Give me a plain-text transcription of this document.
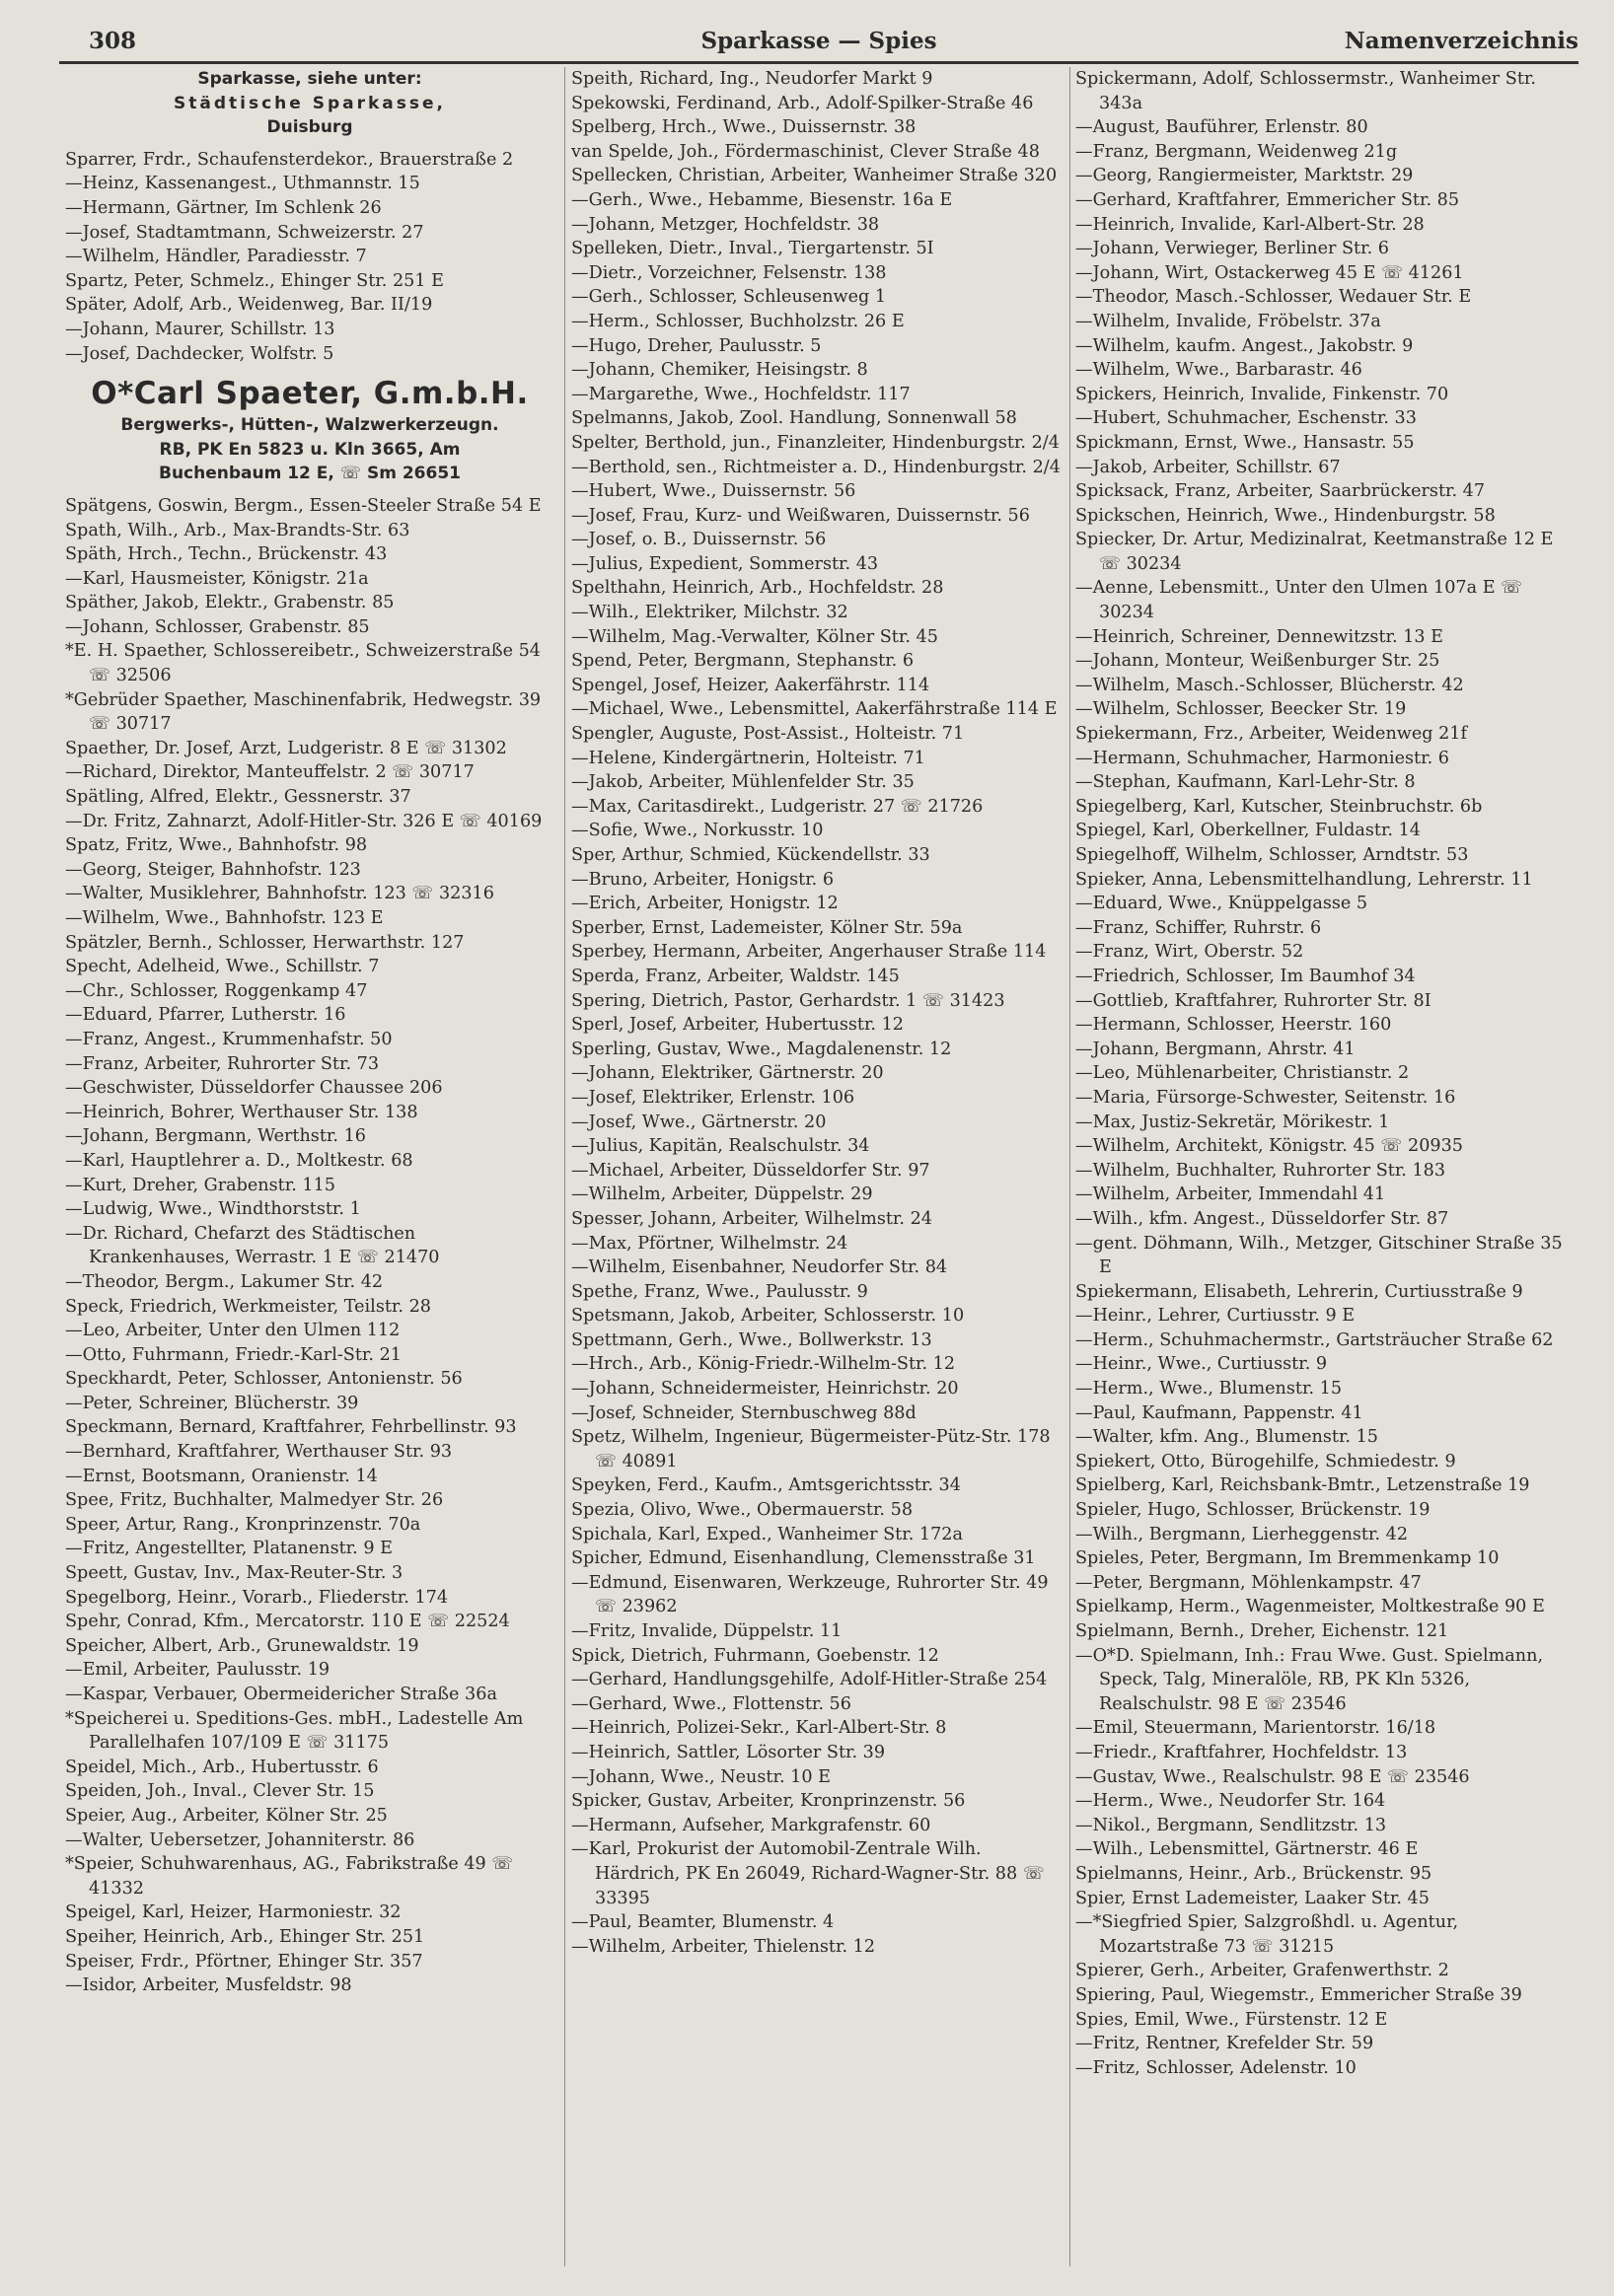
308	Sparkasse — Spies	Namenverzeichnis

Sparkasse, siehe unter:

Städtische Sparkasse,

Duisburg

Sparrer, Frdr., Schaufensterdekor., Brauerstraße 2

—Heinz, Kassenangest., Uthmannstr. 15

—Hermann, Gärtner, Im Schlenk 26

—Josef, Stadtamtmann, Schweizerstr. 27

—Wilhelm, Händler, Paradiesstr. 7

Spartz, Peter, Schmelz., Ehinger Str. 251 E

Später, Adolf, Arb., Weidenweg, Bar. II/19

—Johann, Maurer, Schillstr. 13

—Josef, Dachdecker, Wolfstr. 5

O*Carl Spaeter, G.m.b.H.

Bergwerks-, Hütten-, Walzwerkerzeugn.

RB, PK En 5823 u. Kln 3665, Am

Buchenbaum 12 E, ☏ Sm 26651

Spätgens, Goswin, Bergm., Essen-Steeler Straße 54 E

Spath, Wilh., Arb., Max-Brandts-Str. 63

Späth, Hrch., Techn., Brückenstr. 43

—Karl, Hausmeister, Königstr. 21a

Späther, Jakob, Elektr., Grabenstr. 85

—Johann, Schlosser, Grabenstr. 85

*E. H. Spaether, Schlossereibetr., Schweizerstraße 54 ☏ 32506

*Gebrüder Spaether, Maschinenfabrik, Hedwegstr. 39 ☏ 30717

Spaether, Dr. Josef, Arzt, Ludgeristr. 8 E ☏ 31302

—Richard, Direktor, Manteuffelstr. 2 ☏ 30717

Spätling, Alfred, Elektr., Gessnerstr. 37

—Dr. Fritz, Zahnarzt, Adolf-Hitler-Str. 326 E ☏ 40169

Spatz, Fritz, Wwe., Bahnhofstr. 98

—Georg, Steiger, Bahnhofstr. 123

—Walter, Musiklehrer, Bahnhofstr. 123 ☏ 32316

—Wilhelm, Wwe., Bahnhofstr. 123 E

Spätzler, Bernh., Schlosser, Herwarthstr. 127

Specht, Adelheid, Wwe., Schillstr. 7

—Chr., Schlosser, Roggenkamp 47

—Eduard, Pfarrer, Lutherstr. 16

—Franz, Angest., Krummenhafstr. 50

—Franz, Arbeiter, Ruhrorter Str. 73

—Geschwister, Düsseldorfer Chaussee 206

—Heinrich, Bohrer, Werthauser Str. 138

—Johann, Bergmann, Werthstr. 16

—Karl, Hauptlehrer a. D., Moltkestr. 68

—Kurt, Dreher, Grabenstr. 115

—Ludwig, Wwe., Windthorststr. 1

—Dr. Richard, Chefarzt des Städtischen Krankenhauses, Werrastr. 1 E ☏ 21470

—Theodor, Bergm., Lakumer Str. 42

Speck, Friedrich, Werkmeister, Teilstr. 28

—Leo, Arbeiter, Unter den Ulmen 112

—Otto, Fuhrmann, Friedr.-Karl-Str. 21

Speckhardt, Peter, Schlosser, Antonienstr. 56

—Peter, Schreiner, Blücherstr. 39

Speckmann, Bernard, Kraftfahrer, Fehrbellinstr. 93

—Bernhard, Kraftfahrer, Werthauser Str. 93

—Ernst, Bootsmann, Oranienstr. 14

Spee, Fritz, Buchhalter, Malmedyer Str. 26

Speer, Artur, Rang., Kronprinzenstr. 70a

—Fritz, Angestellter, Platanenstr. 9 E

Speett, Gustav, Inv., Max-Reuter-Str. 3

Spegelborg, Heinr., Vorarb., Fliederstr. 174

Spehr, Conrad, Kfm., Mercatorstr. 110 E ☏ 22524

Speicher, Albert, Arb., Grunewaldstr. 19

—Emil, Arbeiter, Paulusstr. 19

—Kaspar, Verbauer, Obermeidericher Straße 36a

*Speicherei u. Speditions-Ges. mbH., Ladestelle Am Parallelhafen 107/109 E ☏ 31175

Speidel, Mich., Arb., Hubertusstr. 6

Speiden, Joh., Inval., Clever Str. 15

Speier, Aug., Arbeiter, Kölner Str. 25

—Walter, Uebersetzer, Johanniterstr. 86

*Speier, Schuhwarenhaus, AG., Fabrikstraße 49 ☏ 41332

Speigel, Karl, Heizer, Harmoniestr. 32

Speiher, Heinrich, Arb., Ehinger Str. 251

Speiser, Frdr., Pförtner, Ehinger Str. 357

—Isidor, Arbeiter, Musfeldstr. 98

Speith, Richard, Ing., Neudorfer Markt 9

Spekowski, Ferdinand, Arb., Adolf-Spilker-Straße 46

Spelberg, Hrch., Wwe., Duissernstr. 38

van Spelde, Joh., Fördermaschinist, Clever Straße 48

Spellecken, Christian, Arbeiter, Wanheimer Straße 320

—Gerh., Wwe., Hebamme, Biesenstr. 16a E

—Johann, Metzger, Hochfeldstr. 38

Spelleken, Dietr., Inval., Tiergartenstr. 5I

—Dietr., Vorzeichner, Felsenstr. 138

—Gerh., Schlosser, Schleusenweg 1

—Herm., Schlosser, Buchholzstr. 26 E

—Hugo, Dreher, Paulusstr. 5

—Johann, Chemiker, Heisingstr. 8

—Margarethe, Wwe., Hochfeldstr. 117

Spelmanns, Jakob, Zool. Handlung, Sonnenwall 58

Spelter, Berthold, jun., Finanzleiter, Hindenburgstr. 2/4

—Berthold, sen., Richtmeister a. D., Hindenburgstr. 2/4

—Hubert, Wwe., Duissernstr. 56

—Josef, Frau, Kurz- und Weißwaren, Duissernstr. 56

—Josef, o. B., Duissernstr. 56

—Julius, Expedient, Sommerstr. 43

Spelthahn, Heinrich, Arb., Hochfeldstr. 28

—Wilh., Elektriker, Milchstr. 32

—Wilhelm, Mag.-Verwalter, Kölner Str. 45

Spend, Peter, Bergmann, Stephanstr. 6

Spengel, Josef, Heizer, Aakerfährstr. 114

—Michael, Wwe., Lebensmittel, Aakerfährstraße 114 E

Spengler, Auguste, Post-Assist., Holteistr. 71

—Helene, Kindergärtnerin, Holteistr. 71

—Jakob, Arbeiter, Mühlenfelder Str. 35

—Max, Caritasdirekt., Ludgeristr. 27 ☏ 21726

—Sofie, Wwe., Norkusstr. 10

Sper, Arthur, Schmied, Kückendellstr. 33

—Bruno, Arbeiter, Honigstr. 6

—Erich, Arbeiter, Honigstr. 12

Sperber, Ernst, Lademeister, Kölner Str. 59a

Sperbey, Hermann, Arbeiter, Angerhauser Straße 114

Sperda, Franz, Arbeiter, Waldstr. 145

Spering, Dietrich, Pastor, Gerhardstr. 1 ☏ 31423

Sperl, Josef, Arbeiter, Hubertusstr. 12

Sperling, Gustav, Wwe., Magdalenenstr. 12

—Johann, Elektriker, Gärtnerstr. 20

—Josef, Elektriker, Erlenstr. 106

—Josef, Wwe., Gärtnerstr. 20

—Julius, Kapitän, Realschulstr. 34

—Michael, Arbeiter, Düsseldorfer Str. 97

—Wilhelm, Arbeiter, Düppelstr. 29

Spesser, Johann, Arbeiter, Wilhelmstr. 24

—Max, Pförtner, Wilhelmstr. 24

—Wilhelm, Eisenbahner, Neudorfer Str. 84

Spethe, Franz, Wwe., Paulusstr. 9

Spetsmann, Jakob, Arbeiter, Schlosserstr. 10

Spettmann, Gerh., Wwe., Bollwerkstr. 13

—Hrch., Arb., König-Friedr.-Wilhelm-Str. 12

—Johann, Schneidermeister, Heinrichstr. 20

—Josef, Schneider, Sternbuschweg 88d

Spetz, Wilhelm, Ingenieur, Bügermeister-Pütz-Str. 178 ☏ 40891

Speyken, Ferd., Kaufm., Amtsgerichtsstr. 34

Spezia, Olivo, Wwe., Obermauerstr. 58

Spichala, Karl, Exped., Wanheimer Str. 172a

Spicher, Edmund, Eisenhandlung, Clemensstraße 31

—Edmund, Eisenwaren, Werkzeuge, Ruhrorter Str. 49 ☏ 23962

—Fritz, Invalide, Düppelstr. 11

Spick, Dietrich, Fuhrmann, Goebenstr. 12

—Gerhard, Handlungsgehilfe, Adolf-Hitler-Straße 254

—Gerhard, Wwe., Flottenstr. 56

—Heinrich, Polizei-Sekr., Karl-Albert-Str. 8

—Heinrich, Sattler, Lösorter Str. 39

—Johann, Wwe., Neustr. 10 E

Spicker, Gustav, Arbeiter, Kronprinzenstr. 56

—Hermann, Aufseher, Markgrafenstr. 60

—Karl, Prokurist der Automobil-Zentrale Wilh. Härdrich, PK En 26049, Richard-Wagner-Str. 88 ☏ 33395

—Paul, Beamter, Blumenstr. 4

—Wilhelm, Arbeiter, Thielenstr. 12

Spickermann, Adolf, Schlossermstr., Wanheimer Str. 343a

—August, Bauführer, Erlenstr. 80

—Franz, Bergmann, Weidenweg 21g

—Georg, Rangiermeister, Marktstr. 29

—Gerhard, Kraftfahrer, Emmericher Str. 85

—Heinrich, Invalide, Karl-Albert-Str. 28

—Johann, Verwieger, Berliner Str. 6

—Johann, Wirt, Ostackerweg 45 E ☏ 41261

—Theodor, Masch.-Schlosser, Wedauer Str. E

—Wilhelm, Invalide, Fröbelstr. 37a

—Wilhelm, kaufm. Angest., Jakobstr. 9

—Wilhelm, Wwe., Barbarastr. 46

Spickers, Heinrich, Invalide, Finkenstr. 70

—Hubert, Schuhmacher, Eschenstr. 33

Spickmann, Ernst, Wwe., Hansastr. 55

—Jakob, Arbeiter, Schillstr. 67

Spicksack, Franz, Arbeiter, Saarbrückerstr. 47

Spickschen, Heinrich, Wwe., Hindenburgstr. 58

Spiecker, Dr. Artur, Medizinalrat, Keetmanstraße 12 E ☏ 30234

—Aenne, Lebensmitt., Unter den Ulmen 107a E ☏ 30234

—Heinrich, Schreiner, Dennewitzstr. 13 E

—Johann, Monteur, Weißenburger Str. 25

—Wilhelm, Masch.-Schlosser, Blücherstr. 42

—Wilhelm, Schlosser, Beecker Str. 19

Spiekermann, Frz., Arbeiter, Weidenweg 21f

—Hermann, Schuhmacher, Harmoniestr. 6

—Stephan, Kaufmann, Karl-Lehr-Str. 8

Spiegelberg, Karl, Kutscher, Steinbruchstr. 6b

Spiegel, Karl, Oberkellner, Fuldastr. 14

Spiegelhoff, Wilhelm, Schlosser, Arndtstr. 53

Spieker, Anna, Lebensmittelhandlung, Lehrerstr. 11

—Eduard, Wwe., Knüppelgasse 5

—Franz, Schiffer, Ruhrstr. 6

—Franz, Wirt, Oberstr. 52

—Friedrich, Schlosser, Im Baumhof 34

—Gottlieb, Kraftfahrer, Ruhrorter Str. 8I

—Hermann, Schlosser, Heerstr. 160

—Johann, Bergmann, Ahrstr. 41

—Leo, Mühlenarbeiter, Christianstr. 2

—Maria, Fürsorge-Schwester, Seitenstr. 16

—Max, Justiz-Sekretär, Mörikestr. 1

—Wilhelm, Architekt, Königstr. 45 ☏ 20935

—Wilhelm, Buchhalter, Ruhrorter Str. 183

—Wilhelm, Arbeiter, Immendahl 41

—Wilh., kfm. Angest., Düsseldorfer Str. 87

—gent. Döhmann, Wilh., Metzger, Gitschiner Straße 35 E

Spiekermann, Elisabeth, Lehrerin, Curtiusstraße 9

—Heinr., Lehrer, Curtiusstr. 9 E

—Herm., Schuhmachermstr., Gartsträucher Straße 62

—Heinr., Wwe., Curtiusstr. 9

—Herm., Wwe., Blumenstr. 15

—Paul, Kaufmann, Pappenstr. 41

—Walter, kfm. Ang., Blumenstr. 15

Spiekert, Otto, Bürogehilfe, Schmiedestr. 9

Spielberg, Karl, Reichsbank-Bmtr., Letzenstraße 19

Spieler, Hugo, Schlosser, Brückenstr. 19

—Wilh., Bergmann, Lierheggenstr. 42

Spieles, Peter, Bergmann, Im Bremmenkamp 10

—Peter, Bergmann, Möhlenkampstr. 47

Spielkamp, Herm., Wagenmeister, Moltkestraße 90 E

Spielmann, Bernh., Dreher, Eichenstr. 121

—O*D. Spielmann, Inh.: Frau Wwe. Gust. Spielmann, Speck, Talg, Mineralöle, RB, PK Kln 5326, Realschulstr. 98 E ☏ 23546

—Emil, Steuermann, Marientorstr. 16/18

—Friedr., Kraftfahrer, Hochfeldstr. 13

—Gustav, Wwe., Realschulstr. 98 E ☏ 23546

—Herm., Wwe., Neudorfer Str. 164

—Nikol., Bergmann, Sendlitzstr. 13

—Wilh., Lebensmittel, Gärtnerstr. 46 E

Spielmanns, Heinr., Arb., Brückenstr. 95

Spier, Ernst Lademeister, Laaker Str. 45

—*Siegfried Spier, Salzgroßhdl. u. Agentur, Mozartstraße 73 ☏ 31215

Spierer, Gerh., Arbeiter, Grafenwerthstr. 2

Spiering, Paul, Wiegemstr., Emmericher Straße 39

Spies, Emil, Wwe., Fürstenstr. 12 E

—Fritz, Rentner, Krefelder Str. 59

—Fritz, Schlosser, Adelenstr. 10
